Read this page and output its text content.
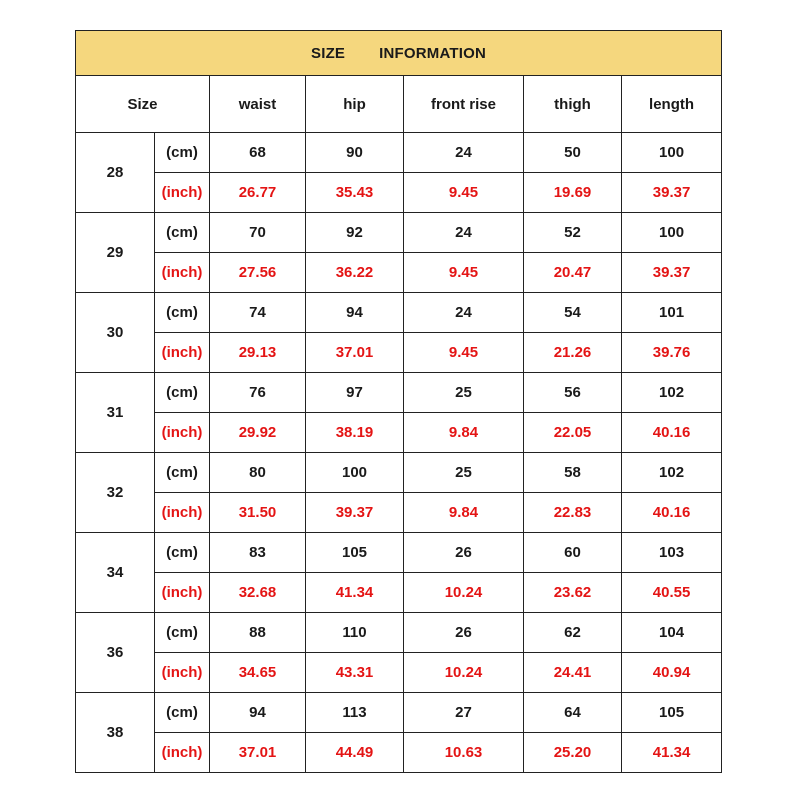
SIZE INFORMATION						
Size		waist	hip	front rise	thigh	length
28	(cm)	68	90	24	50	100
	(inch)	26.77	35.43	9.45	19.69	39.37
29	(cm)	70	92	24	52	100
	(inch)	27.56	36.22	9.45	20.47	39.37
30	(cm)	74	94	24	54	101
	(inch)	29.13	37.01	9.45	21.26	39.76
31	(cm)	76	97	25	56	102
	(inch)	29.92	38.19	9.84	22.05	40.16
32	(cm)	80	100	25	58	102
	(inch)	31.50	39.37	9.84	22.83	40.16
34	(cm)	83	105	26	60	103
	(inch)	32.68	41.34	10.24	23.62	40.55
36	(cm)	88	110	26	62	104
	(inch)	34.65	43.31	10.24	24.41	40.94
38	(cm)	94	113	27	64	105
	(inch)	37.01	44.49	10.63	25.20	41.34
